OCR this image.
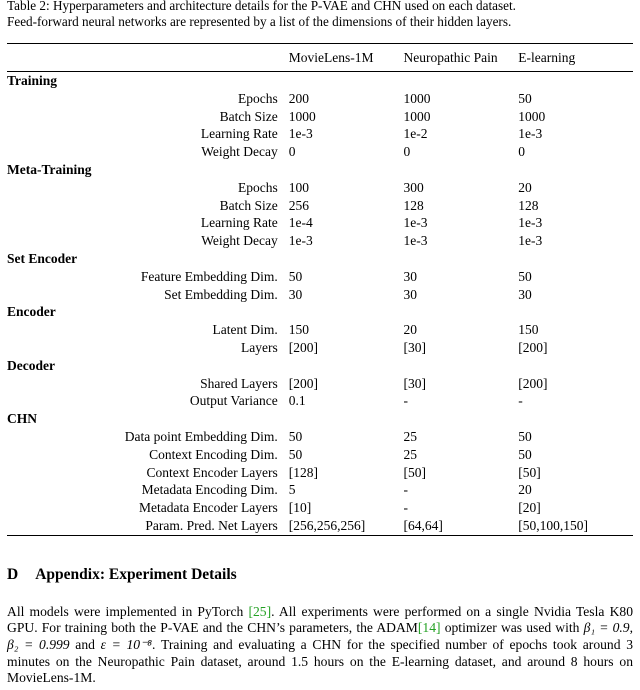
Table 2: Hyperparameters and architecture details for the P-VAE and CHN used on each dataset.
Feed-forward neural networks are represented by a list of the dimensions of their hidden layers.
	MovieLens-1M	Neuropathic Pain	E-learning
Training			
Epochs	200	1000	50
Batch Size	1000	1000	1000
Learning Rate	1e-3	1e-2	1e-3
Weight Decay	0	0	0
Meta-Training			
Epochs	100	300	20
Batch Size	256	128	128
Learning Rate	1e-4	1e-3	1e-3
Weight Decay	1e-3	1e-3	1e-3
Set Encoder			
Feature Embedding Dim.	50	30	50
Set Embedding Dim.	30	30	30
Encoder			
Latent Dim.	150	20	150
Layers	[200]	[30]	[200]
Decoder			
Shared Layers	[200]	[30]	[200]
Output Variance	0.1	-	-
CHN			
Data point Embedding Dim.	50	25	50
Context Encoding Dim.	50	25	50
Context Encoder Layers	[128]	[50]	[50]
Metadata Encoding Dim.	5	-	20
Metadata Encoder Layers	[10]	-	[20]
Param. Pred. Net Layers	[256,256,256]	[64,64]	[50,100,150]
D Appendix: Experiment Details
All models were implemented in PyTorch [25]. All experiments were performed on a single Nvidia Tesla K80 GPU. For training both the P-VAE and the CHN’s parameters, the ADAM[14] optimizer was used with β₁ = 0.9, β₂ = 0.999 and ε = 10⁻⁸. Training and evaluating a CHN for the specified number of epochs took around 3 minutes on the Neuropathic Pain dataset, around 1.5 hours on the E-learning dataset, and around 8 hours on MovieLens-1M.
